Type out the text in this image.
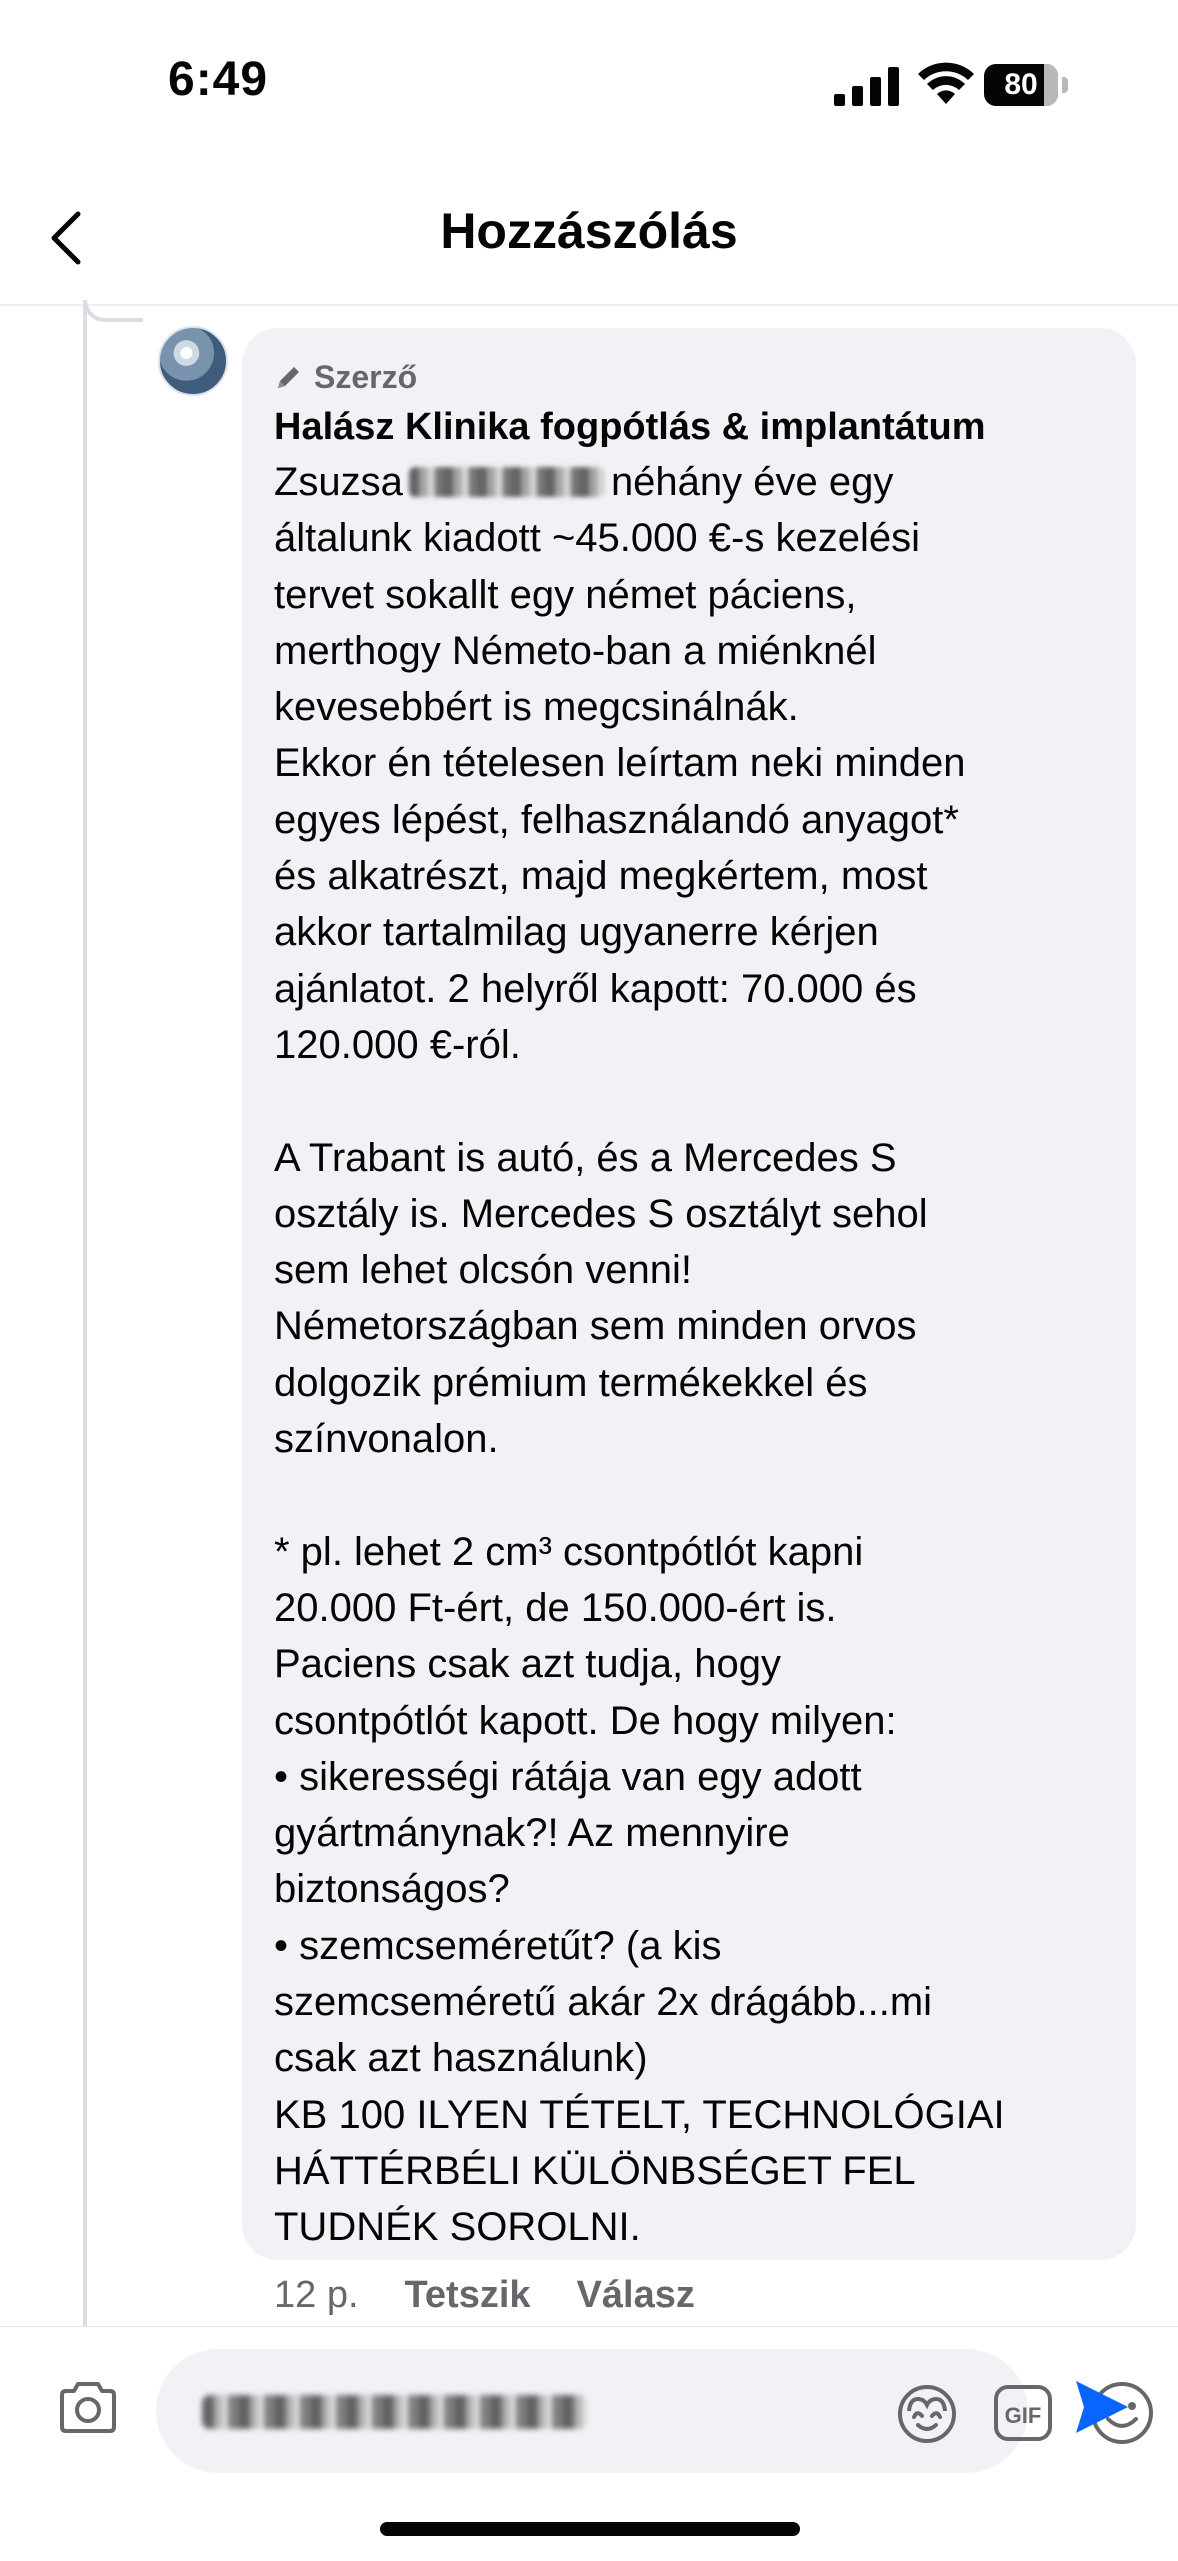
6:49	80
Hozzászólás
Szerző
Halász Klinika fogpótlás & implantátum
Zsuzsa	néhány éve egy
általunk kiadott ~45.000 €-s kezelési
tervet sokallt egy német páciens,
merthogy Németo-ban a miénknél
kevesebbért is megcsinálnák.
Ekkor én tételesen leírtam neki minden
egyes lépést, felhasználandó anyagot*
és alkatrészt, majd megkértem, most
akkor tartalmilag ugyanerre kérjen
ajánlatot. 2 helyről kapott: 70.000 és
120.000 €-ról.

A Trabant is autó, és a Mercedes S
osztály is. Mercedes S osztályt sehol
sem lehet olcsón venni!
Németországban sem minden orvos
dolgozik prémium termékekkel és
színvonalon.

* pl. lehet 2 cm³ csontpótlót kapni
20.000 Ft-ért, de 150.000-ért is.
Paciens csak azt tudja, hogy
csontpótlót kapott. De hogy milyen:
• sikerességi rátája van egy adott
gyártmánynak?! Az mennyire
biztonságos?
• szemcseméretűt? (a kis
szemcseméretű akár 2x drágább...mi
csak azt használunk)
KB 100 ILYEN TÉTELT, TECHNOLÓGIAI
HÁTTÉRBÉLI KÜLÖNBSÉGET FEL
TUDNÉK SOROLNI.
12 p. Tetszik Válasz
GIF
